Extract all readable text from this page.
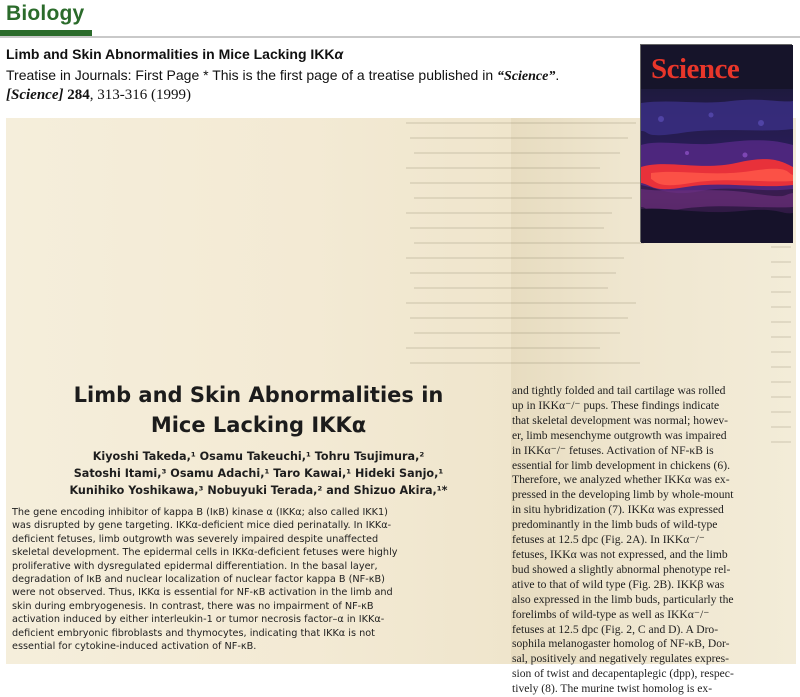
Biology
Limb and Skin Abnormalities in Mice Lacking IKKα
Treatise in Journals: First Page * This is the first page of a treatise published in “Science”.
[Science] 284, 313-316 (1999)
Limb and Skin Abnormalities in
Mice Lacking IKKα
Kiyoshi Takeda,¹ Osamu Takeuchi,¹ Tohru Tsujimura,²
Satoshi Itami,³ Osamu Adachi,¹ Taro Kawai,¹ Hideki Sanjo,¹
Kunihiko Yoshikawa,³ Nobuyuki Terada,² and Shizuo Akira,¹*
The gene encoding inhibitor of kappa B (IκB) kinase α (IKKα; also called IKK1)
was disrupted by gene targeting. IKKα-deficient mice died perinatally. In IKKα-
deficient fetuses, limb outgrowth was severely impaired despite unaffected
skeletal development. The epidermal cells in IKKα-deficient fetuses were highly
proliferative with dysregulated epidermal differentiation. In the basal layer,
degradation of IκB and nuclear localization of nuclear factor kappa B (NF-κB)
were not observed. Thus, IKKα is essential for NF-κB activation in the limb and
skin during embryogenesis. In contrast, there was no impairment of NF-κB
activation induced by either interleukin-1 or tumor necrosis factor–α in IKKα-
deficient embryonic fibroblasts and thymocytes, indicating that IKKα is not
essential for cytokine-induced activation of NF-κB.
and tightly folded and tail cartilage was rolled
up in IKKα⁻/⁻ pups. These findings indicate
that skeletal development was normal; howev-
er, limb mesenchyme outgrowth was impaired
in IKKα⁻/⁻ fetuses. Activation of NF-κB is
essential for limb development in chickens (6).
Therefore, we analyzed whether IKKα was ex-
pressed in the developing limb by whole-mount
in situ hybridization (7). IKKα was expressed
predominantly in the limb buds of wild-type
fetuses at 12.5 dpc (Fig. 2A). In IKKα⁻/⁻
fetuses, IKKα was not expressed, and the limb
bud showed a slightly abnormal phenotype rel-
ative to that of wild type (Fig. 2B). IKKβ was
also expressed in the limb buds, particularly the
forelimbs of wild-type as well as IKKα⁻/⁻
fetuses at 12.5 dpc (Fig. 2, C and D). A Dro-
sophila melanogaster homolog of NF-κB, Dor-
sal, positively and negatively regulates expres-
sion of twist and decapentaplegic (dpp), respec-
tively (8). The murine twist homolog is ex-
Science
